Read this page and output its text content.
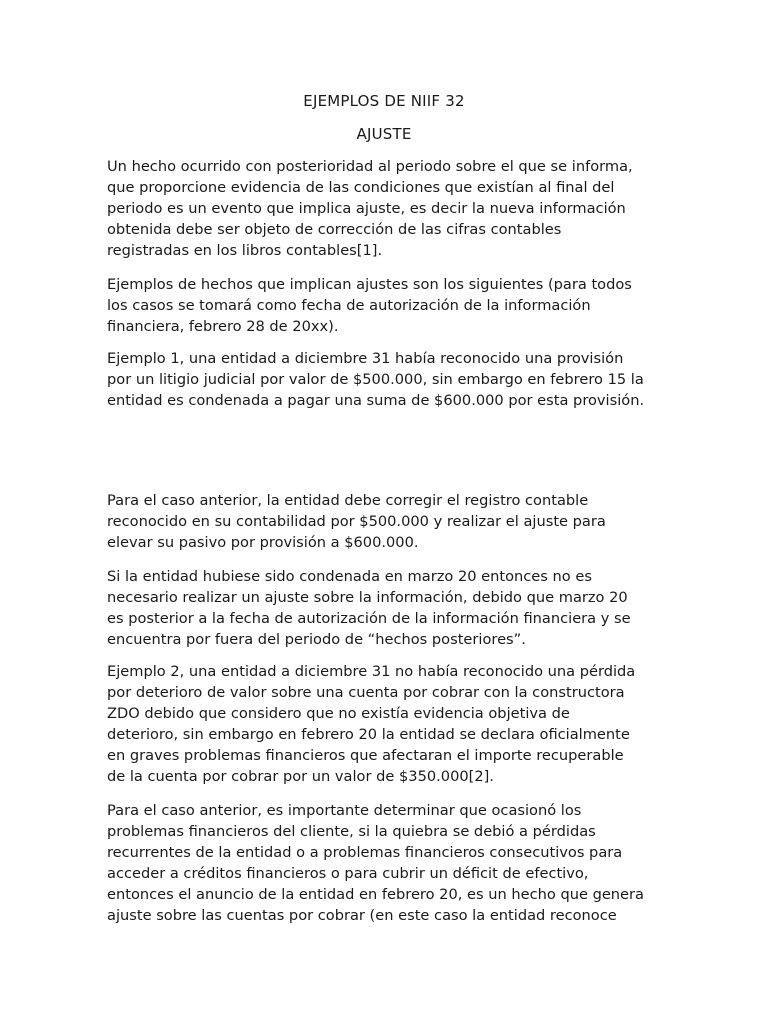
EJEMPLOS DE NIIF 32
AJUSTE

Un hecho ocurrido con posterioridad al periodo sobre el que se informa,
que proporcione evidencia de las condiciones que existían al final del
periodo es un evento que implica ajuste, es decir la nueva información
obtenida debe ser objeto de corrección de las cifras contables
registradas en los libros contables[1].

Ejemplos de hechos que implican ajustes son los siguientes (para todos
los casos se tomará como fecha de autorización de la información
financiera, febrero 28 de 20xx).

Ejemplo 1, una entidad a diciembre 31 había reconocido una provisión
por un litigio judicial por valor de $500.000, sin embargo en febrero 15 la
entidad es condenada a pagar una suma de $600.000 por esta provisión.

Para el caso anterior, la entidad debe corregir el registro contable
reconocido en su contabilidad por $500.000 y realizar el ajuste para
elevar su pasivo por provisión a $600.000.

Si la entidad hubiese sido condenada en marzo 20 entonces no es
necesario realizar un ajuste sobre la información, debido que marzo 20
es posterior a la fecha de autorización de la información financiera y se
encuentra por fuera del periodo de “hechos posteriores”.

Ejemplo 2, una entidad a diciembre 31 no había reconocido una pérdida
por deterioro de valor sobre una cuenta por cobrar con la constructora
ZDO debido que considero que no existía evidencia objetiva de
deterioro, sin embargo en febrero 20 la entidad se declara oficialmente
en graves problemas financieros que afectaran el importe recuperable
de la cuenta por cobrar por un valor de $350.000[2].

Para el caso anterior, es importante determinar que ocasionó los
problemas financieros del cliente, si la quiebra se debió a pérdidas
recurrentes de la entidad o a problemas financieros consecutivos para
acceder a créditos financieros o para cubrir un déficit de efectivo,
entonces el anuncio de la entidad en febrero 20, es un hecho que genera
ajuste sobre las cuentas por cobrar (en este caso la entidad reconoce
